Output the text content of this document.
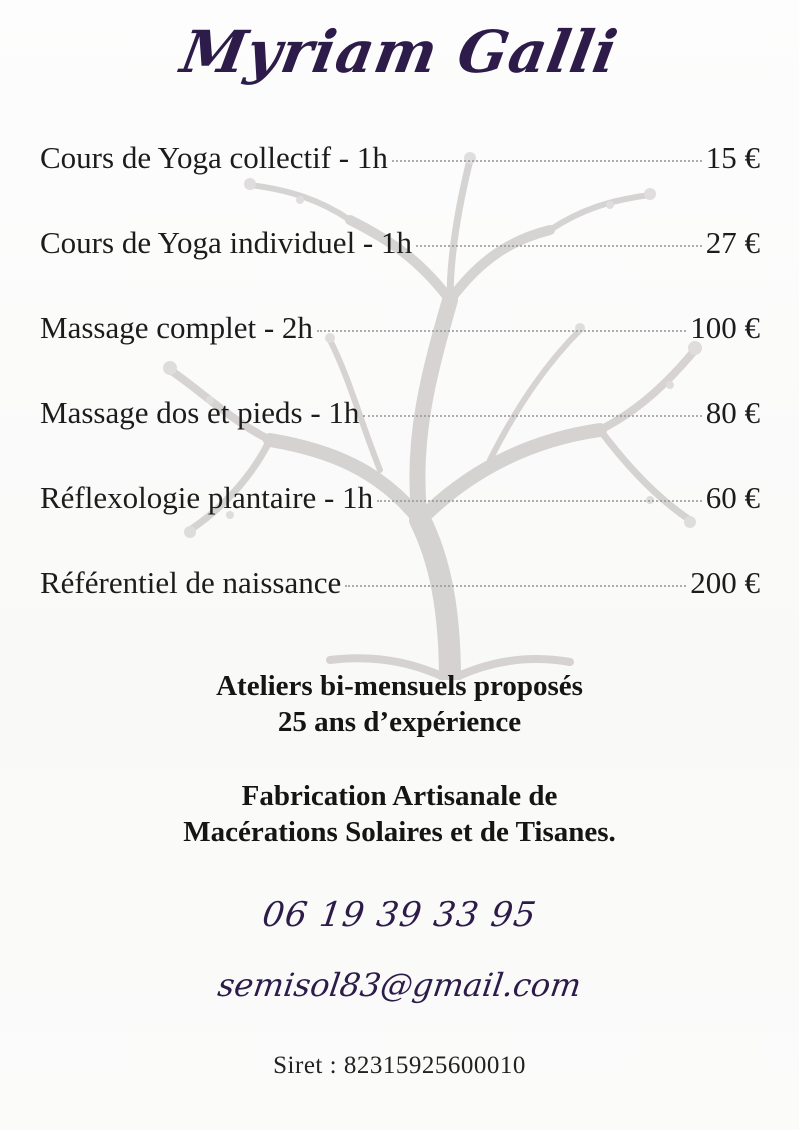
Myriam Galli
Cours de Yoga collectif - 1h	15 €
Cours de Yoga individuel - 1h	27 €
Massage complet - 2h	100 €
Massage dos et pieds - 1h	80 €
Réflexologie plantaire - 1h	60 €
Référentiel de naissance	200 €
Ateliers bi-mensuels proposés
25 ans d’expérience
Fabrication Artisanale de
Macérations Solaires et de Tisanes.
06 19 39 33 95
semisol83@gmail.com
Siret : 82315925600010
